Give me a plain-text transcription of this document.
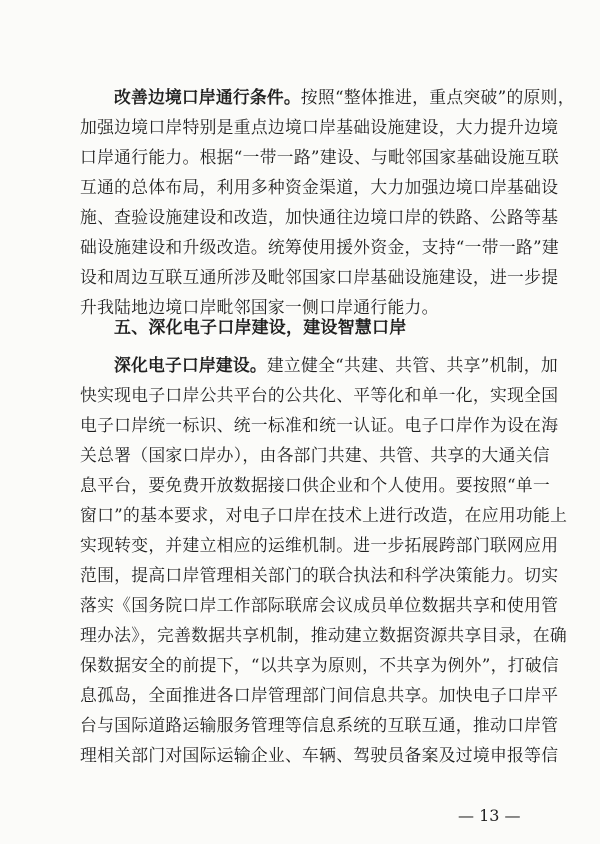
改善边境口岸通行条件。按照“整体推进，重点突破”的原则，
加强边境口岸特别是重点边境口岸基础设施建设，大力提升边境
口岸通行能力。根据“一带一路”建设、与毗邻国家基础设施互联
互通的总体布局，利用多种资金渠道，大力加强边境口岸基础设
施、查验设施建设和改造，加快通往边境口岸的铁路、公路等基
础设施建设和升级改造。统筹使用援外资金，支持“一带一路”建
设和周边互联互通所涉及毗邻国家口岸基础设施建设，进一步提
升我陆地边境口岸毗邻国家一侧口岸通行能力。

五、深化电子口岸建设，建设智慧口岸

深化电子口岸建设。建立健全“共建、共管、共享”机制，加
快实现电子口岸公共平台的公共化、平等化和单一化，实现全国
电子口岸统一标识、统一标准和统一认证。电子口岸作为设在海
关总署（国家口岸办），由各部门共建、共管、共享的大通关信
息平台，要免费开放数据接口供企业和个人使用。要按照“单一
窗口”的基本要求，对电子口岸在技术上进行改造，在应用功能上
实现转变，并建立相应的运维机制。进一步拓展跨部门联网应用
范围，提高口岸管理相关部门的联合执法和科学决策能力。切实
落实《国务院口岸工作部际联席会议成员单位数据共享和使用管
理办法》，完善数据共享机制，推动建立数据资源共享目录，在确
保数据安全的前提下，“以共享为原则，不共享为例外”，打破信
息孤岛，全面推进各口岸管理部门间信息共享。加快电子口岸平
台与国际道路运输服务管理等信息系统的互联互通，推动口岸管
理相关部门对国际运输企业、车辆、驾驶员备案及过境申报等信

— 13 —
